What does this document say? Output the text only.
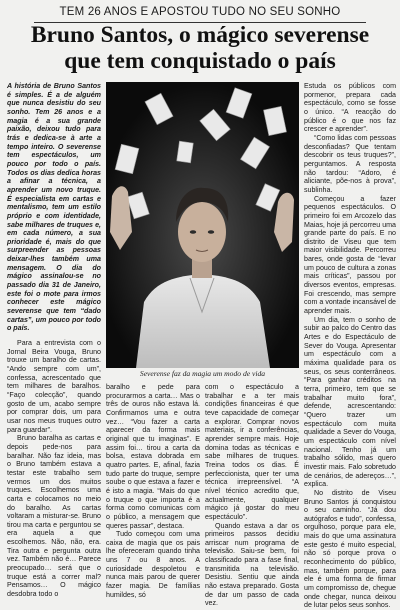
TEM 26 ANOS E APOSTOU TUDO NO SEU SONHO
Bruno Santos, o mágico severense
que tem conquistado o país

A história de Bruno Santos é simples. É a de alguém que nunca desistiu do seu sonho. Tem 26 anos e a magia é a sua grande paixão, deixou tudo para trás e dedica-se à arte a tempo inteiro. O severense tem espectáculos, um pouco por todo o país. Todos os dias dedica horas a afinar a técnica, a aprender um novo truque. É especialista em cartas e mentalismo, tem um estilo próprio e com identidade, sabe milhares de truques e, em cada número, a sua prioridade é, mais do que surpreender as pessoas deixar-lhes também uma mensagem. O dia do mágico assinalou-se no passado dia 31 de Janeiro, este foi o mote para irmos conhecer este mágico severense que tem “dado cartas”, um pouco por todo o país.

Para a entrevista com o Jornal Beira Vouga, Bruno trouxe um baralho de cartas. “Ando sempre com um”, confessa, acrescentado que tem milhares de baralhos. “Faço colecção”, quando gosto de um, acabo sempre por comprar dois, um para usar nos meus truques outro para guardar”.

Bruno baralha as cartas e depois pede-nos para baralhar. Não faz ideia, mas o Bruno também estava a testar este trabalho sem vermos um dos muitos truques. Escolhemos uma carta e colocamos no meio do baralho. As cartas voltaram a misturar-se. Bruno tirou ma carta e perguntou se era aquela a que escolhemos. Não, não, era. Tira outra e pergunta outra vez. Também não é… Parece preocupado… será que o truque está a correr mal? Pensamos… O mágico desdobra todo o

Severense faz da magia um modo de vida

baralho e pede para procurarmos a carta… Mas o três de ouros não estava lá. Confirmamos uma e outra vez… “Vou fazer a carta aparecer da forma mais original que tu imaginas”. E assim foi… tirou a carta da bolsa, estava dobrada em quatro partes. E, afinal, fazia tudo parte do truque, sempre soube o que estava a fazer e é isto a magia. “Mais do que o truque o que importa é a forma como comunicas com o público, a mensagem que queres passar”, destaca.

Tudo começou com uma caixa de magia que os pais lhe ofereceram quando tinha uns 7 ou 8 anos. A curiosidade despoletou e nunca mais parou de querer fazer magia. De famílias humildes, só

com o espectáculo a trabalhar e a ter mais condições financeiras é que teve capacidade de começar a explorar. Comprar novos materiais, ir a conferências, aprender sempre mais. Hoje domina todas as técnicas e sabe milhares de truques. Treina todos os dias. É perfeccionista, quer ter uma técnica irrepreensível. “A nível técnico acredito que, actualmente, qualquer mágico já gostar do meu espectáculo”.

Quando estava a dar os primeiros passos decidiu arriscar num programa de televisão. Saiu-se bem, foi classificado para a fase final, transmitida na televisão. Desistiu. Sentiu que ainda não estava preparado. Gosta de dar um passo de cada vez.

Estuda os públicos com pormenor, prepara cada espectáculo, como se fosse o único. “A reacção do público é o que nos faz crescer e aprender”.

“Como lidas com pessoas desconfiadas? Que tentam descobrir os teus truques?”, perguntamos. A resposta não tardou: “Adoro, é aliciante, põe-nos à prova”, sublinha.

Começou a fazer pequenos espectáculos. O primeiro foi em Arcozelo das Maias, hoje já percorreu uma grande parte do país. E no distrito de Viseu que tem maior visibilidade. Percorreu bares, onde gosta de “levar um pouco de cultura a zonas mais críticas”, passou por diversos eventos, empresas. Foi crescendo, mas sempre com a vontade incansável de aprender mais.

Um dia, tem o sonho de subir ao palco do Centro das Artes e do Espectáculo de Sever do Vouga. Apresentar um espectáculo com a máxima qualidade para os seus, os seus conterrâneos. “Para ganhar créditos na terra, primeiro, tem que se trabalhar muito fora”, defende, acrescentando: “Quero trazer um espectáculo com muita qualidade a Sever do Vouga, um espectáculo com nível nacional. Tenho já um trabalho sólido, mas quero investir mais. Falo sobretudo de cenários, de adereços…”, explica.

No distrito de Viseu Bruno Santos já conquistou o seu caminho. “Já dou autógrafos e tudo”, confessa, orgulhoso, porque para ele, mais do que uma assinatura este gesto é muito especial, não só porque prova o reconhecimento do público, mas, também porque, para ele é uma forma de firmar um compromisso de, chegue onde chegar, nunca deixou de lutar pelos seus sonhos.
